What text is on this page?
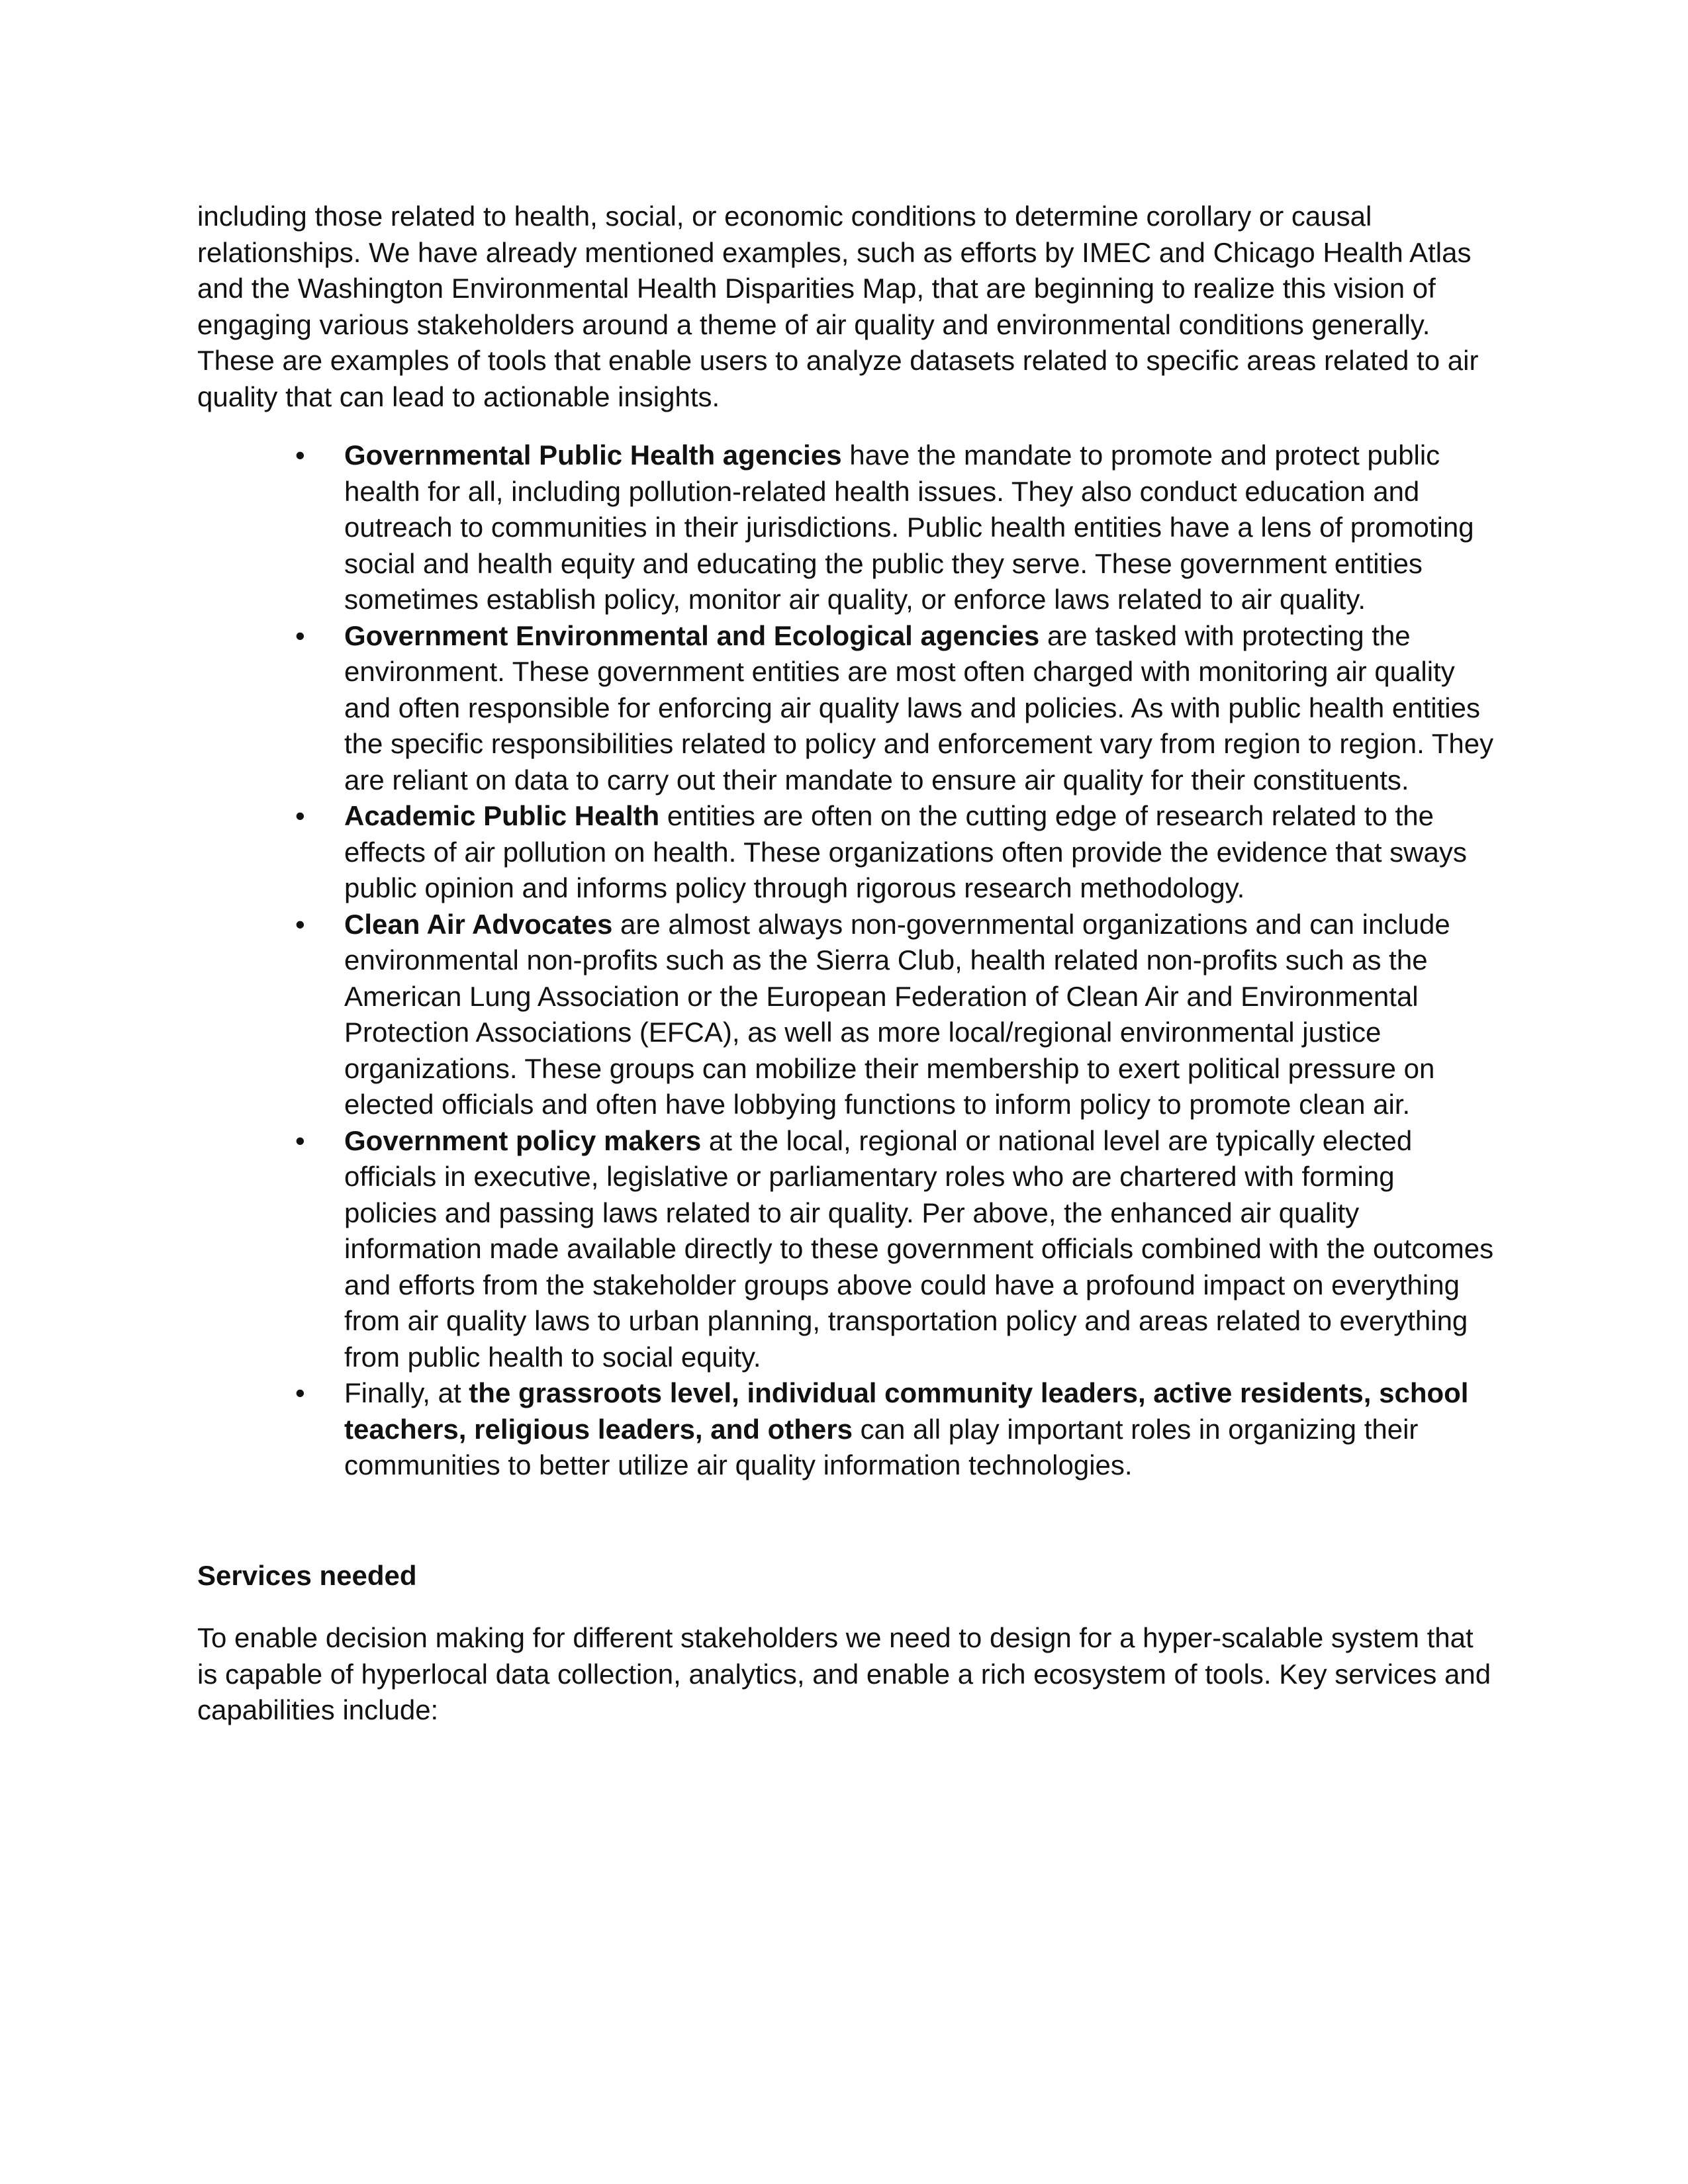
including those related to health, social, or economic conditions to determine corollary or causal relationships. We have already mentioned examples, such as efforts by IMEC and Chicago Health Atlas and the Washington Environmental Health Disparities Map, that are beginning to realize this vision of engaging various stakeholders around a theme of air quality and environmental conditions generally. These are examples of tools that enable users to analyze datasets related to specific areas related to air quality that can lead to actionable insights.

• Governmental Public Health agencies have the mandate to promote and protect public health for all, including pollution-related health issues. They also conduct education and outreach to communities in their jurisdictions. Public health entities have a lens of promoting social and health equity and educating the public they serve. These government entities sometimes establish policy, monitor air quality, or enforce laws related to air quality.
• Government Environmental and Ecological agencies are tasked with protecting the environment. These government entities are most often charged with monitoring air quality and often responsible for enforcing air quality laws and policies. As with public health entities the specific responsibilities related to policy and enforcement vary from region to region. They are reliant on data to carry out their mandate to ensure air quality for their constituents.
• Academic Public Health entities are often on the cutting edge of research related to the effects of air pollution on health. These organizations often provide the evidence that sways public opinion and informs policy through rigorous research methodology.
• Clean Air Advocates are almost always non-governmental organizations and can include environmental non-profits such as the Sierra Club, health related non-profits such as the American Lung Association or the European Federation of Clean Air and Environmental Protection Associations (EFCA), as well as more local/regional environmental justice organizations. These groups can mobilize their membership to exert political pressure on elected officials and often have lobbying functions to inform policy to promote clean air.
• Government policy makers at the local, regional or national level are typically elected officials in executive, legislative or parliamentary roles who are chartered with forming policies and passing laws related to air quality. Per above, the enhanced air quality information made available directly to these government officials combined with the outcomes and efforts from the stakeholder groups above could have a profound impact on everything from air quality laws to urban planning, transportation policy and areas related to everything from public health to social equity.
• Finally, at the grassroots level, individual community leaders, active residents, school teachers, religious leaders, and others can all play important roles in organizing their communities to better utilize air quality information technologies.
Services needed

To enable decision making for different stakeholders we need to design for a hyper-scalable system that is capable of hyperlocal data collection, analytics, and enable a rich ecosystem of tools. Key services and capabilities include:
